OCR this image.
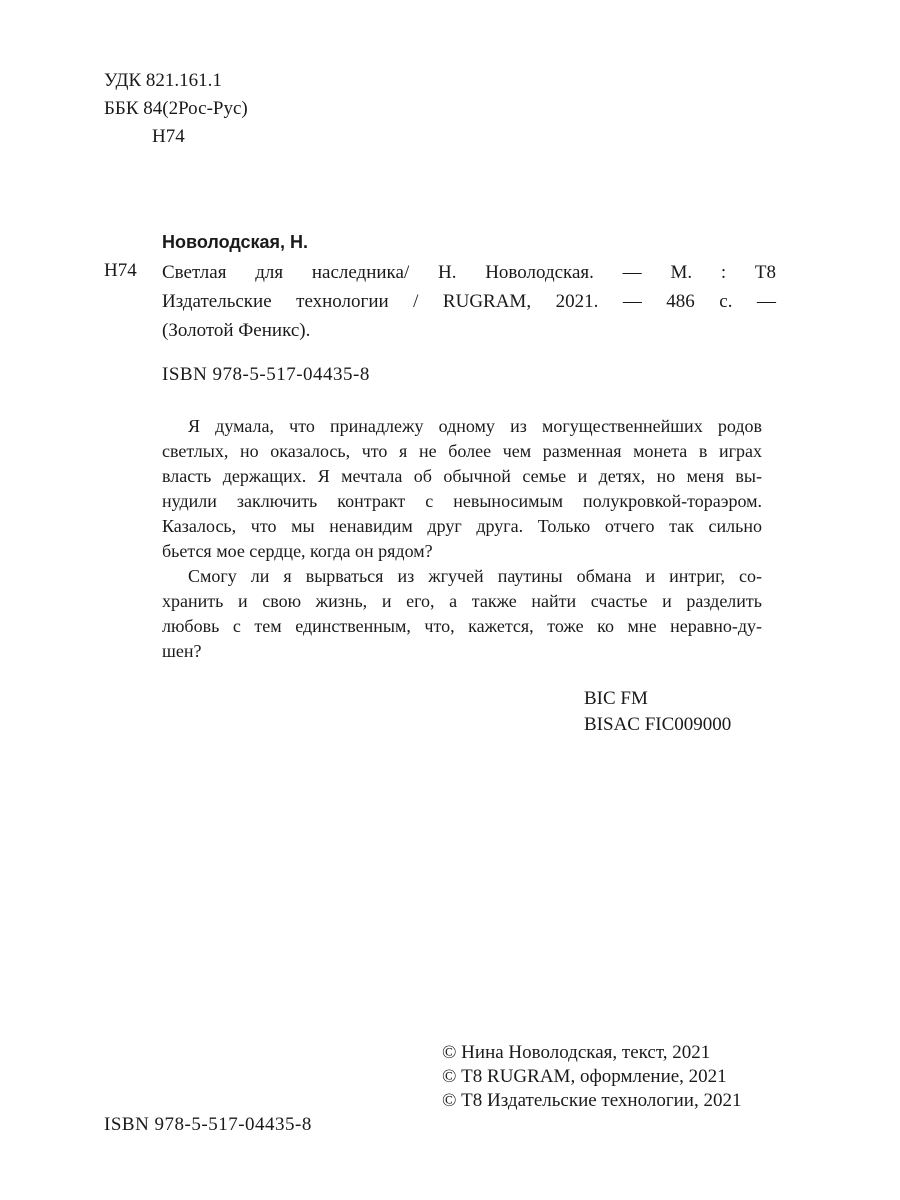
УДК 821.161.1
ББК 84(2Рос-Рус)
Н74
Новолодская, Н.
Н74 Светлая для наследника/ Н. Новолодская. — М. : Т8
Издательские технологии / RUGRAM, 2021. — 486 с. —
(Золотой Феникс).
ISBN 978-5-517-04435-8
Я думала, что принадлежу одному из могущественнейших родов
светлых, но оказалось, что я не более чем разменная монета в играх
власть держащих. Я мечтала об обычной семье и детях, но меня вы-
нудили заключить контракт с невыносимым полукровкой-тораэром.
Казалось, что мы ненавидим друг друга. Только отчего так сильно
бьется мое сердце, когда он рядом?
Смогу ли я вырваться из жгучей паутины обмана и интриг, со-
хранить и свою жизнь, и его, а также найти счастье и разделить
любовь с тем единственным, что, кажется, тоже ко мне неравно-ду-
шен?
BIC FM
BISAC FIC009000
© Нина Новолодская, текст, 2021
© Т8 RUGRAM, оформление, 2021
© Т8 Издательские технологии, 2021
ISBN 978-5-517-04435-8
